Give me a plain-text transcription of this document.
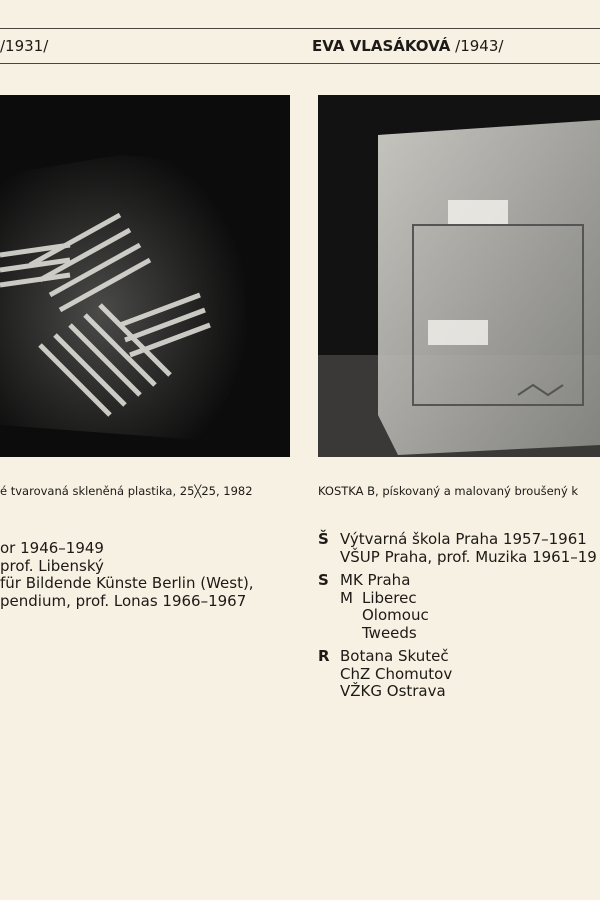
/1931/	EVA VLASÁKOVÁ /1943/
é tvarovaná skleněná plastika, 25╳25, 1982	KOSTKA B, pískovaný a malovaný broušený k
or 1946–1949
prof. Libenský
für Bildende Künste Berlin (West),
pendium, prof. Lonas 1966–1967
Š Výtvarná škola Praha 1957–1961
VŠUP Praha, prof. Muzika 1961–19
S MK Praha
M Liberec
Olomouc
Tweeds
R Botana Skuteč
ChZ Chomutov
VŽKG Ostrava
